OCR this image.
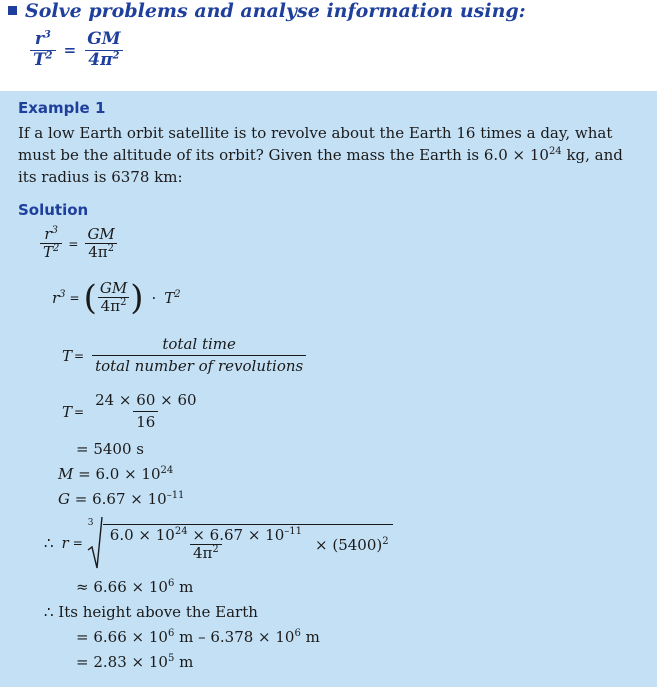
Solve problems and analyse information using:
$\frac{r^3}{T^2} = \frac{GM}{4\pi^2}$
Example 1
If a low Earth orbit satellite is to revolve about the Earth 16 times a day, what must be the altitude of its orbit? Given the mass the Earth is $6.0 \times 10^{24}$ kg, and its radius is 6378 km:
Solution
$\frac{r^3}{T^2} = \frac{GM}{4\pi^2}$
$r^3$ = ( $\frac{GM}{4\pi^2}$ ) · $T^2$
$T = \frac{\text{total time}}{\text{total number of revolutions}}$
$T = \frac{24 \times 60 \times 60}{16}$
= 5400 s
$M = 6.0 \times 10^{24}$
$G = 6.67 \times 10^{-11}$
∴ r =
3
$\frac{6.0 \times 10^{24} \times 6.67 \times 10^{-11}}{4\pi^2} \times (5400)^2$
≈ $6.66 \times 10^6$ m
∴ Its height above the Earth
= $6.66 \times 10^6$ $m - 6.378 \times 10^6$ m
= $2.83 \times 10^5$ m
